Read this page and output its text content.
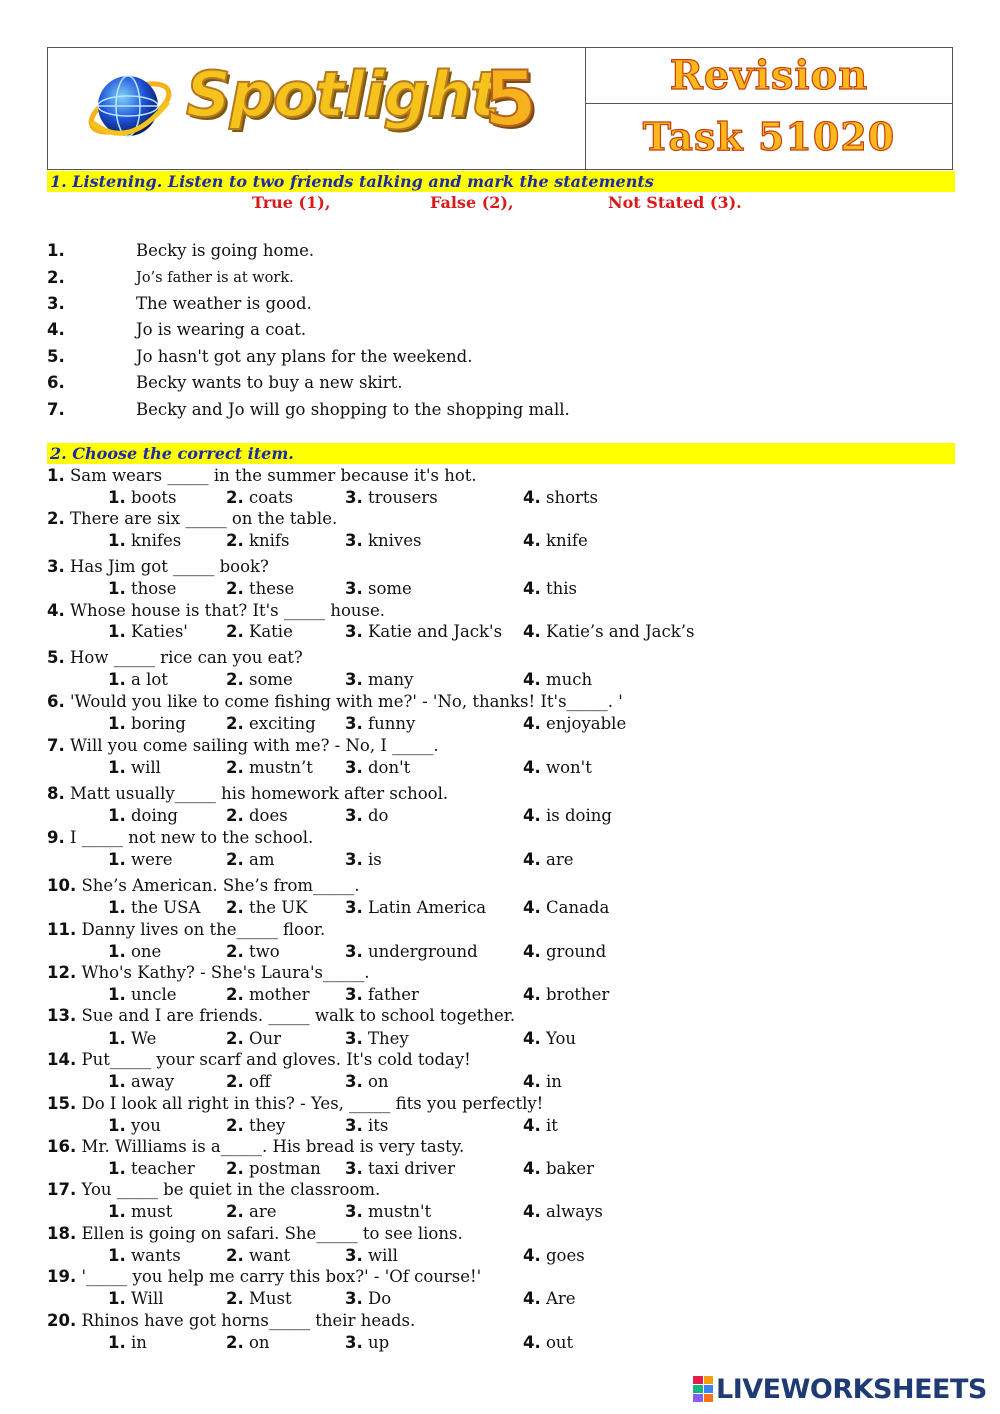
Spotlight
5	Revision
Task 51020
1. Listening. Listen to two friends talking and mark the statements
True (1),	False (2),	Not Stated (3).
1.	Becky is going home.
2.	Jo’s father is at work.
3.	The weather is good.
4.	Jo is wearing a coat.
5.	Jo hasn't got any plans for the weekend.
6.	Becky wants to buy a new skirt.
7.	Becky and Jo will go shopping to the shopping mall.
2. Choose the correct item.
1. Sam wears _____ in the summer because it's hot.
1. boots	2. coats	3. trousers	4. shorts
2. There are six _____ on the table.
1. knifes	2. knifs	3. knives	4. knife
3. Has Jim got _____ book?
1. those	2. these	3. some	4. this
4. Whose house is that? It's _____ house.
1. Katies' 2. Katie	3. Katie and Jack's 4. Katie’s and Jack’s
5. How _____ rice can you eat?
1. a lot	2. some	3. many	4. much
6. 'Would you like to come fishing with me?' - 'No, thanks! It's_____. '
1. boring 2. exciting 3. funny	4. enjoyable
7. Will you come sailing with me? - No, I _____.
1. will	2. mustn’t 3. don't	4. won't
8. Matt usually_____ his homework after school.
1. doing	2. does	3. do	4. is doing
9. I _____ not new to the school.
1. were	2. am	3. is	4. are
10. She’s American. She’s from_____.
1. the USA 2. the UK 3. Latin America 4. Canada
11. Danny lives on the_____ floor.
1. one	2. two	3. underground	4. ground
12. Who's Kathy? - She's Laura's_____.
1. uncle	2. mother 3. father	4. brother
13. Sue and I are friends. _____ walk to school together.
1. We	2. Our	3. They	4. You
14. Put_____ your scarf and gloves. It's cold today!
1. away	2. off	3. on	4. in
15. Do I look all right in this? - Yes, _____ fits you perfectly!
1. you	2. they	3. its	4. it
16. Mr. Williams is a_____. His bread is very tasty.
1. teacher 2. postman 3. taxi driver	4. baker
17. You _____ be quiet in the classroom.
1. must	2. are	3. mustn't	4. always
18. Ellen is going on safari. She_____ to see lions.
1. wants	2. want	3. will	4. goes
19. '_____ you help me carry this box?' - 'Of course!'
1. Will	2. Must	3. Do	4. Are
20. Rhinos have got horns_____ their heads.
1. in	2. on	3. up	4. out
LIVEWORKSHEETS
